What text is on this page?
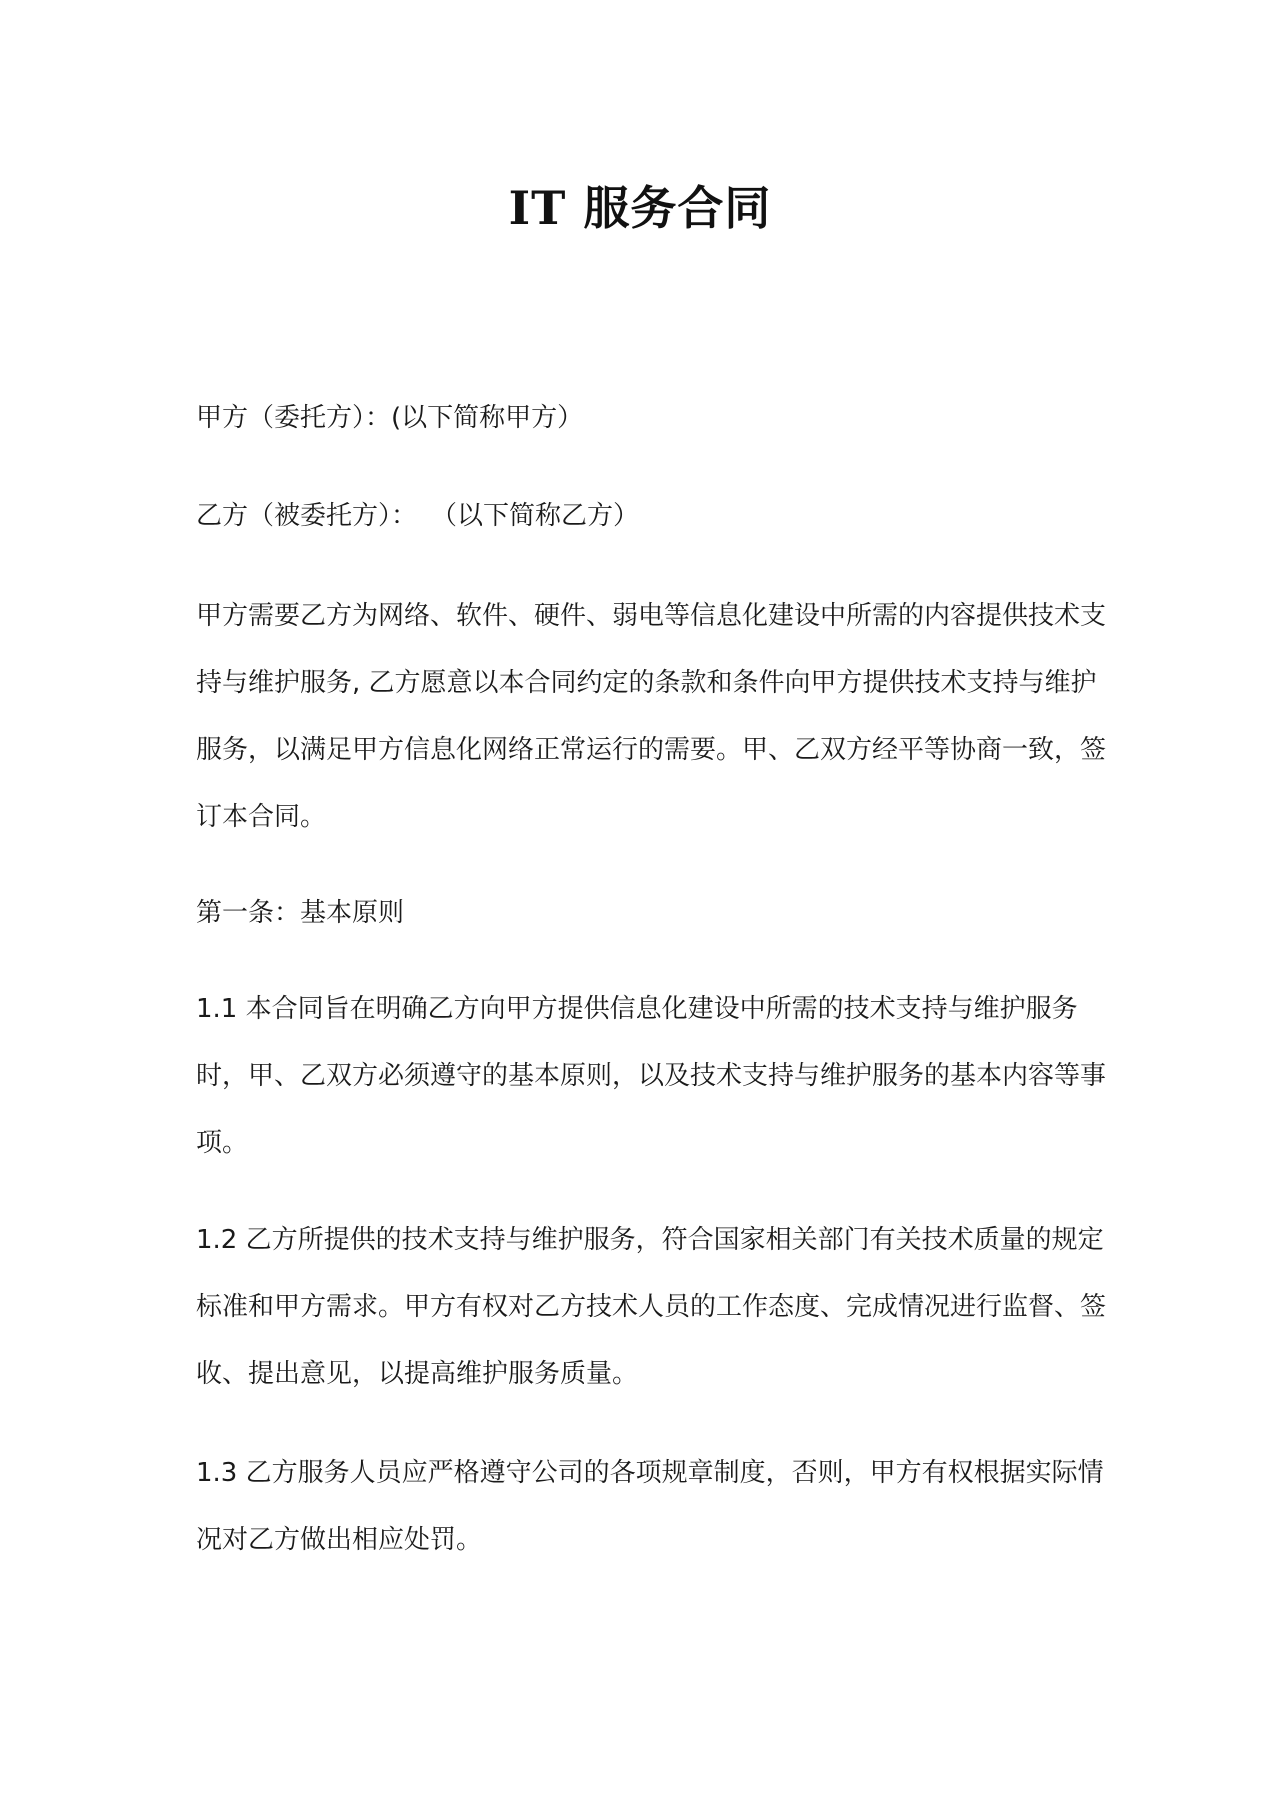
IT 服务合同
甲方（委托方）：(以下简称甲方）
乙方（被委托方）： （以下简称乙方）
甲方需要乙方为网络、软件、硬件、弱电等信息化建设中所需的内容提供技术支
持与维护服务, 乙方愿意以本合同约定的条款和条件向甲方提供技术支持与维护
服务，以满足甲方信息化网络正常运行的需要。甲、乙双方经平等协商一致，签
订本合同。
第一条：基本原则
1.1 本合同旨在明确乙方向甲方提供信息化建设中所需的技术支持与维护服务
时，甲、乙双方必须遵守的基本原则，以及技术支持与维护服务的基本内容等事
项。
1.2 乙方所提供的技术支持与维护服务，符合国家相关部门有关技术质量的规定
标准和甲方需求。甲方有权对乙方技术人员的工作态度、完成情况进行监督、签
收、提出意见，以提高维护服务质量。
1.3 乙方服务人员应严格遵守公司的各项规章制度，否则，甲方有权根据实际情
况对乙方做出相应处罚。
